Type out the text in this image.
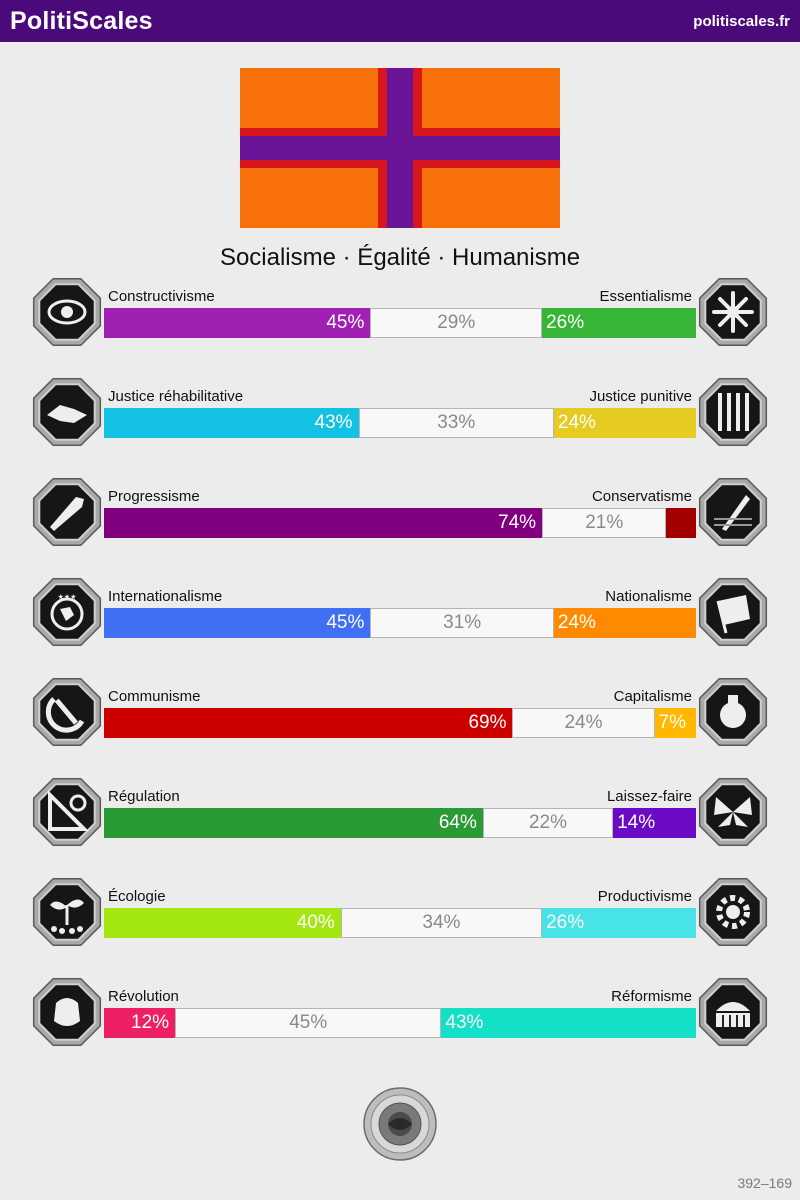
PolitiScales	politiscales.fr
Socialisme · Égalité · Humanisme
Constructivisme	Essentialisme
45%	29%	26%
Justice réhabilitative	Justice punitive
43%	33%	24%
Progressisme	Conservatisme
74%	21%
Internationalisme	Nationalisme
45%	31%	24%
★★★
Communisme	Capitalisme
69%	24%	7%
Régulation	Laissez-faire
64%	22%	14%
Écologie	Productivisme
40%	34%	26%
Révolution	Réformisme
12%	45%	43%
392–169
